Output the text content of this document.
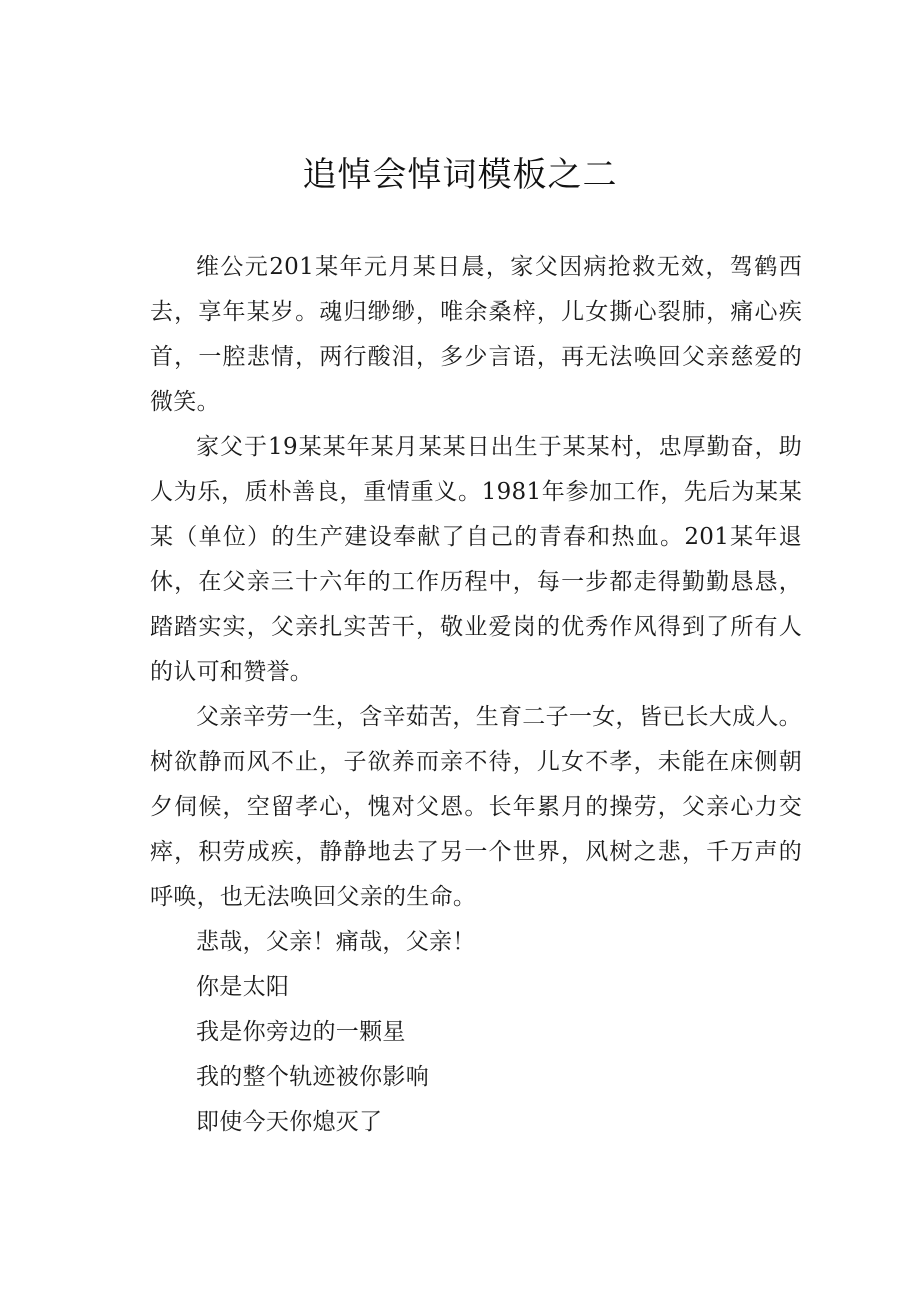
追悼会悼词模板之二

维公元201某年元月某日晨，家父因病抢救无效，驾鹤西去，享年某岁。魂归缈缈，唯余桑梓，儿女撕心裂肺，痛心疾首，一腔悲情，两行酸泪，多少言语，再无法唤回父亲慈爱的微笑。

家父于19某某年某月某某日出生于某某村，忠厚勤奋，助人为乐，质朴善良，重情重义。1981年参加工作，先后为某某某（单位）的生产建设奉献了自己的青春和热血。201某年退休，在父亲三十六年的工作历程中，每一步都走得勤勤恳恳，踏踏实实，父亲扎实苦干，敬业爱岗的优秀作风得到了所有人的认可和赞誉。

父亲辛劳一生，含辛茹苦，生育二子一女，皆已长大成人。树欲静而风不止，子欲养而亲不待，儿女不孝，未能在床侧朝夕伺候，空留孝心，愧对父恩。长年累月的操劳，父亲心力交瘁，积劳成疾，静静地去了另一个世界，风树之悲，千万声的呼唤，也无法唤回父亲的生命。

悲哉，父亲！痛哉，父亲！

你是太阳

我是你旁边的一颗星

我的整个轨迹被你影响

即使今天你熄灭了
